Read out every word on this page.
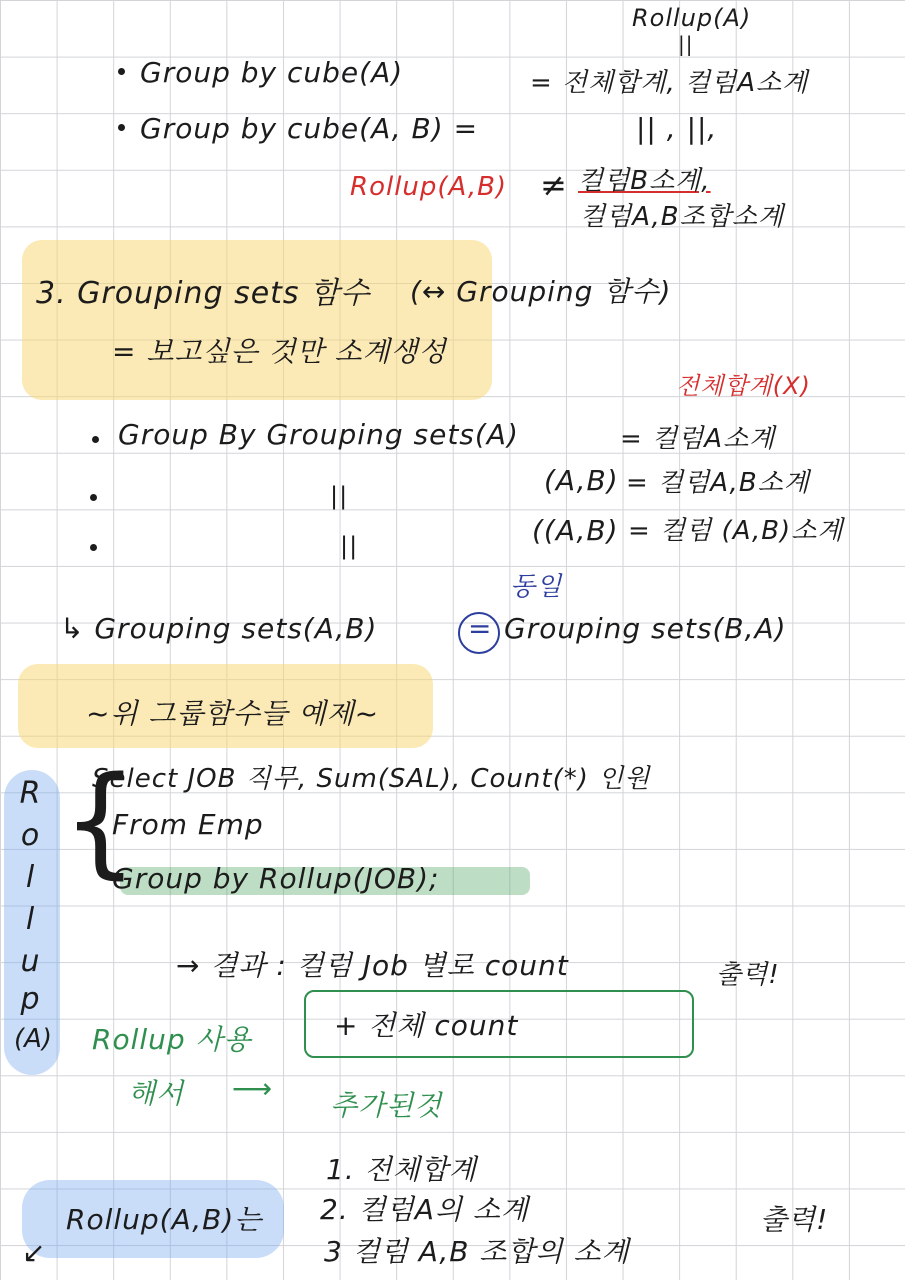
Rollup(A)
||
Group by cube(A)	= 전체합계, 컬럼A소계
Group by cube(A, B) =	|| , ||,
Rollup(A,B) ≠ 컬럼B소계,
컬럼A,B조합소계
3. Grouping sets 함수 (↔ Grouping 함수)
= 보고싶은 것만 소계생성
전체합계(X)
Group By Grouping sets(A)	= 컬럼A소계
||	(A,B) = 컬럼A,B소계
||	((A,B) = 컬럼 (A,B)소계
동일
↳ Grouping sets(A,B)	= Grouping sets(B,A)
~위 그룹함수들 예제~
R
o
l
l
u
p
(A)
{
Select JOB 직무, Sum(SAL), Count(*) 인원
From Emp
Group by Rollup(JOB);
→ 결과 : 컬럼 Job 별로 count	출력!
Rollup 사용
해서 ⟶
+ 전체 count
추가된것
Rollup(A,B)는
↙
1. 전체합계
2. 컬럼A의 소계
3 컬럼 A,B 조합의 소계
출력!
